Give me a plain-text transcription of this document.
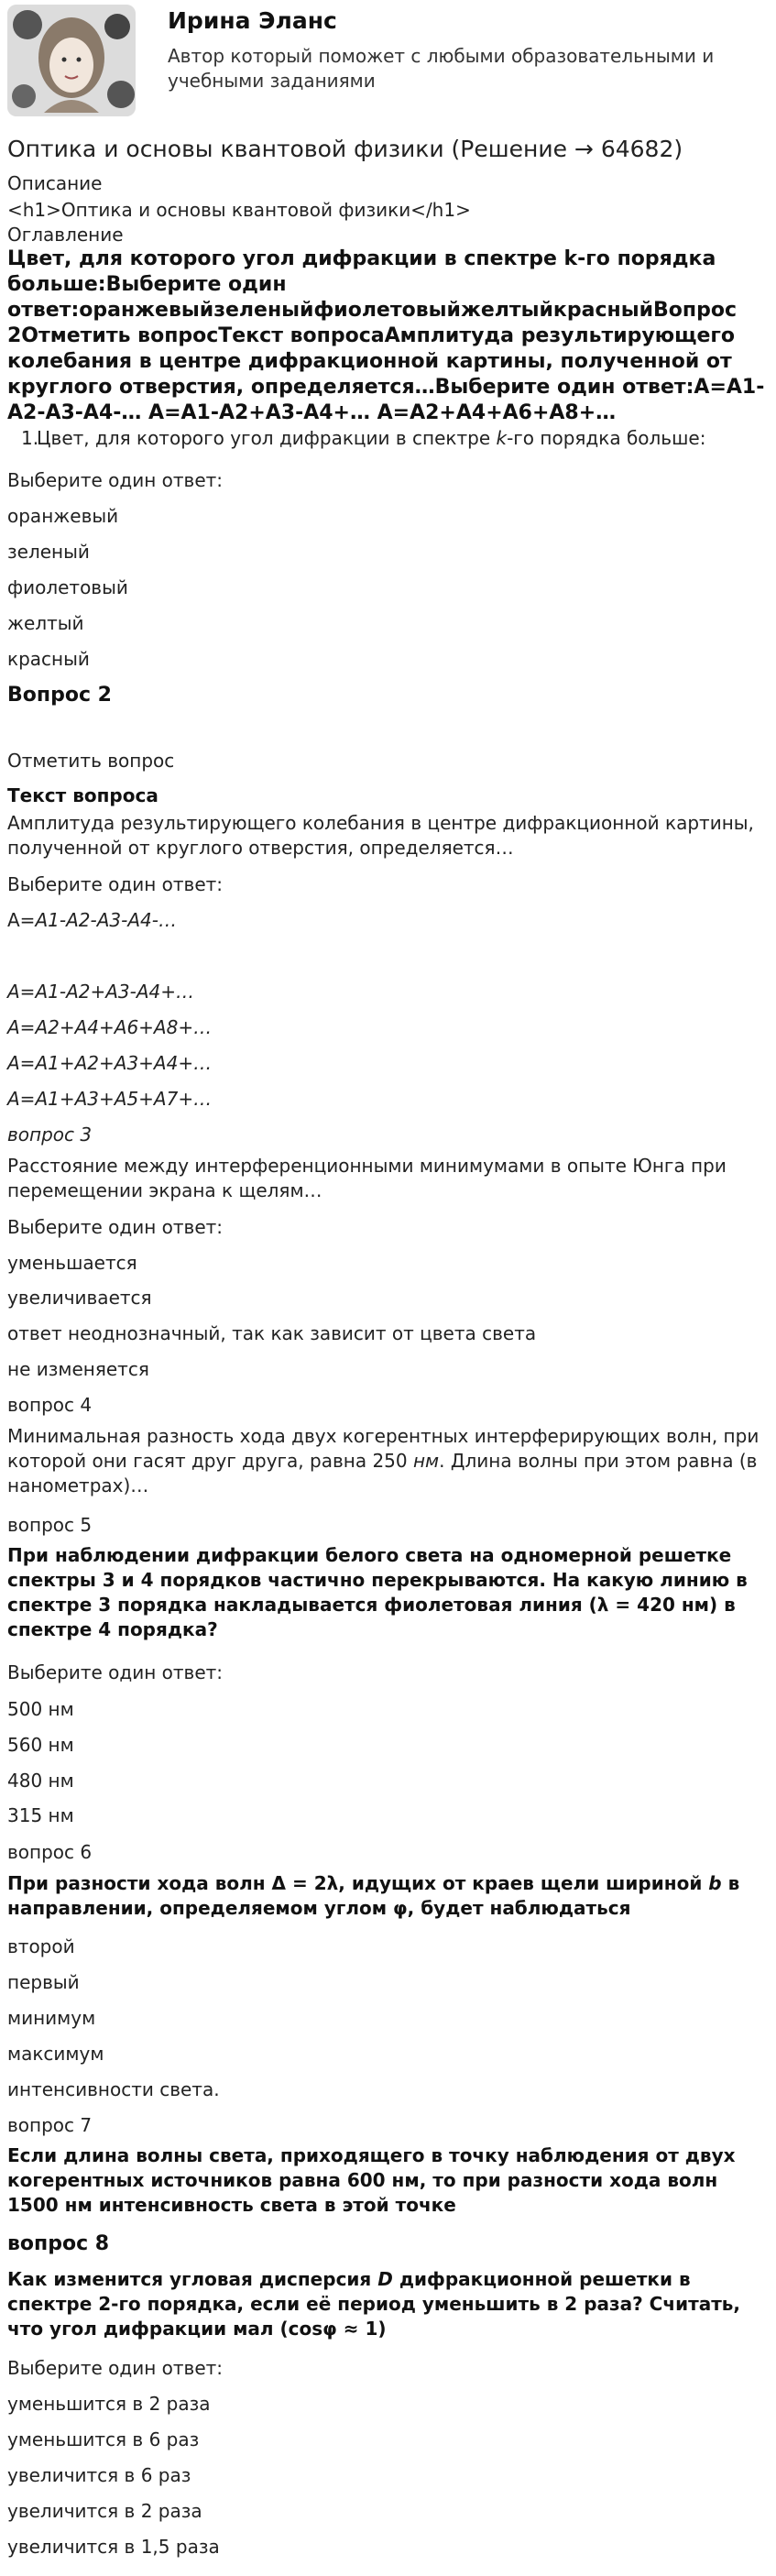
Ирина Эланс
Автор который поможет с любыми образовательными и учебными заданиями
Оптика и основы квантовой физики (Решение → 64682)
Описание
<h1>Оптика и основы квантовой физики</h1>
Оглавление
Цвет, для которого угол дифракции в спектре k-го порядка больше:Выберите один ответ:оранжевыйзеленыйфиолетовыйжелтыйкрасныйВопрос 2Отметить вопросТекст вопросаАмплитуда результирующего колебания в центре дифракционной картины, полученной от круглого отверстия, определяется…Выберите один ответ:A=A1-A2-A3-A4-… A=A1-A2+A3-A4+… A=A2+A4+A6+A8+…
1.
Цвет, для которого угол дифракции в спектре k-го порядка больше:
Выберите один ответ:
оранжевый
зеленый
фиолетовый
желтый
красный
Вопрос 2
Отметить вопрос
Текст вопроса
Амплитуда результирующего колебания в центре дифракционной картины, полученной от круглого отверстия, определяется…
Выберите один ответ:
A=A1-A2-A3-A4-…
A=A1-A2+A3-A4+…
A=A2+A4+A6+A8+…
A=A1+A2+A3+A4+…
A=A1+A3+A5+A7+…
вопрос 3
Расстояние между интерференционными минимумами в опыте Юнга при перемещении экрана к щелям…
Выберите один ответ:
уменьшается
увеличивается
ответ неоднозначный, так как зависит от цвета света
не изменяется
вопрос 4
Минимальная разность хода двух когерентных интерферирующих волн, при которой они гасят друг друга, равна 250 нм. Длина волны при этом равна (в нанометрах)…
вопрос 5
При наблюдении дифракции белого света на одномерной решетке спектры 3 и 4 порядков частично перекрываются. На какую линию в спектре 3 порядка накладывается фиолетовая линия (λ = 420 нм) в спектре 4 порядка?
Выберите один ответ:
500 нм
560 нм
480 нм
315 нм
вопрос 6
При разности хода волн Δ = 2λ, идущих от краев щели шириной b в направлении, определяемом углом φ, будет наблюдаться
второй
первый
минимум
максимум
интенсивности света.
вопрос 7
Если длина волны света, приходящего в точку наблюдения от двух когерентных источников равна 600 нм, то при разности хода волн 1500 нм интенсивность света в этой точке
вопрос 8
Как изменится угловая дисперсия D дифракционной решетки в спектре 2-го порядка, если её период уменьшить в 2 раза? Считать, что угол дифракции мал (cosφ ≈ 1)
Выберите один ответ:
уменьшится в 2 раза
уменьшится в 6 раз
увеличится в 6 раз
увеличится в 2 раза
увеличится в 1,5 раза
